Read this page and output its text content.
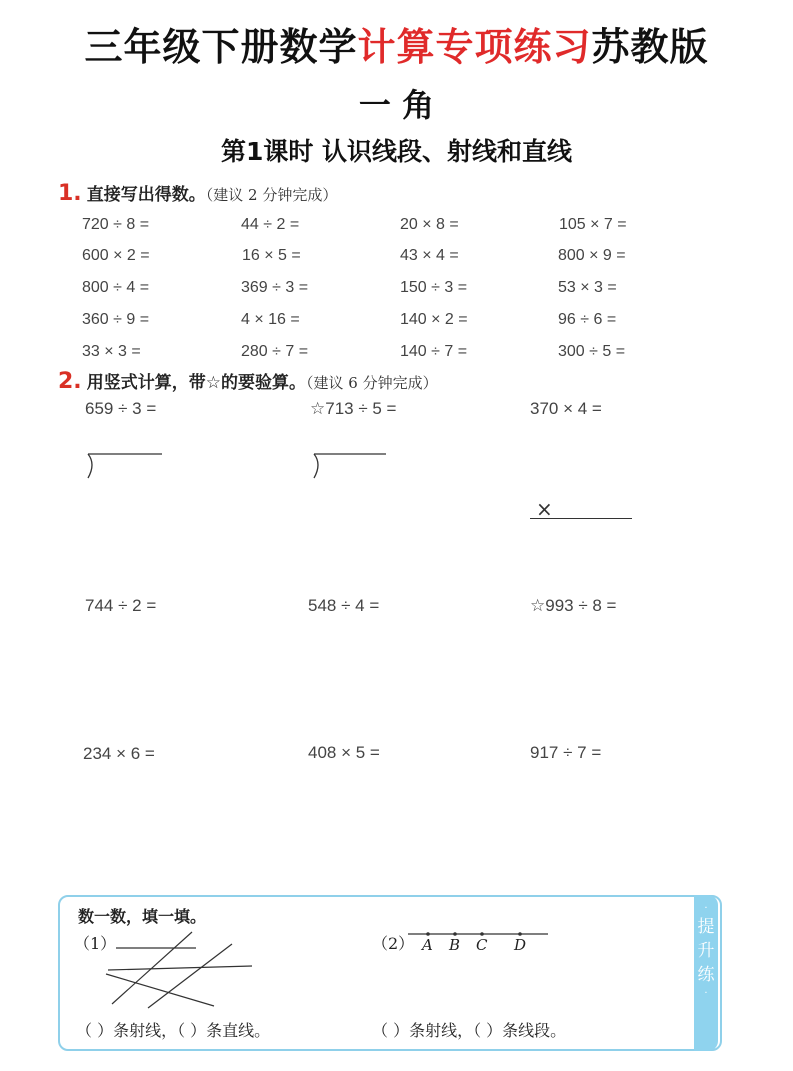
三年级下册数学计算专项练习苏教版
一 角
第1课时 认识线段、射线和直线
1. 直接写出得数。（建议 2 分钟完成）
720 ÷ 8 =	44 ÷ 2 =	20 × 8 =	105 × 7 =
600 × 2 =	16 × 5 =	43 × 4 =	800 × 9 =
800 ÷ 4 =	369 ÷ 3 =	150 ÷ 3 =	53 × 3 =
360 ÷ 9 =	4 × 16 =	140 × 2 =	96 ÷ 6 =
33 × 3 =	280 ÷ 7 =	140 ÷ 7 =	300 ÷ 5 =
2. 用竖式计算，带☆的要验算。（建议 6 分钟完成）
659 ÷ 3 =	☆713 ÷ 5 =	370 × 4 =
744 ÷ 2 =	548 ÷ 4 =	☆993 ÷ 8 =
234 × 6 =	408 × 5 =	917 ÷ 7 =
×
·
提
升
练
·
数一数，填一填。
（1）	（2） A B C D
（ ）条射线，（ ）条直线。	（ ）条射线，（ ）条线段。
